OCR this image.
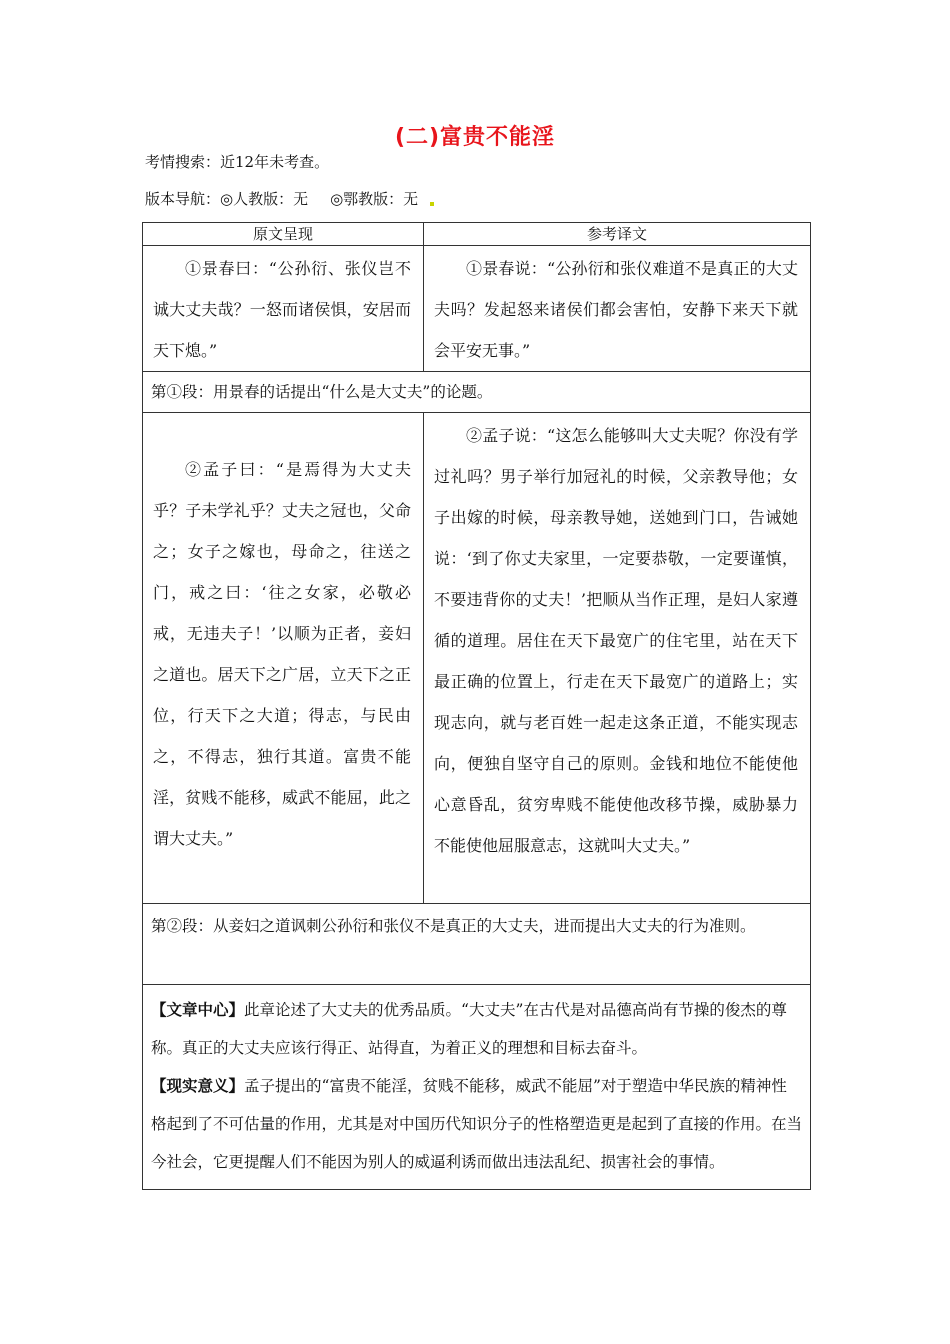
(二)富贵不能淫
考情搜索：近12年未考查。
版本导航：◎人教版：无 ◎鄂教版：无
原文呈现	参考译文

①景春曰：“公孙衍、张仪岂不诚大丈夫哉？一怒而诸侯惧，安居而天下熄。”	①景春说：“公孙衍和张仪难道不是真正的大丈夫吗？发起怒来诸侯们都会害怕，安静下来天下就会平安无事。”

第①段：用景春的话提出“什么是大丈夫”的论题。	

②孟子曰：“是焉得为大丈夫乎？子未学礼乎？丈夫之冠也，父命之；女子之嫁也，母命之，往送之门，戒之曰：‘往之女家，必敬必戒，无违夫子！’以顺为正者，妾妇之道也。居天下之广居，立天下之正位，行天下之大道；得志，与民由之，不得志，独行其道。富贵不能淫，贫贱不能移，威武不能屈，此之谓大丈夫。”	②孟子说：“这怎么能够叫大丈夫呢？你没有学过礼吗？男子举行加冠礼的时候，父亲教导他；女子出嫁的时候，母亲教导她，送她到门口，告诫她说：‘到了你丈夫家里，一定要恭敬，一定要谨慎，不要违背你的丈夫！’把顺从当作正理，是妇人家遵循的道理。居住在天下最宽广的住宅里，站在天下最正确的位置上，行走在天下最宽广的道路上；实现志向，就与老百姓一起走这条正道，不能实现志向，便独自坚守自己的原则。金钱和地位不能使他心意昏乱，贫穷卑贱不能使他改移节操，威胁暴力不能使他屈服意志，这就叫大丈夫。”

第②段：从妾妇之道讽刺公孙衍和张仪不是真正的大丈夫，进而提出大丈夫的行为准则。	

【文章中心】此章论述了大丈夫的优秀品质。“大丈夫”在古代是对品德高尚有节操的俊杰的尊称。真正的大丈夫应该行得正、站得直，为着正义的理想和目标去奋斗。

【现实意义】孟子提出的“富贵不能淫，贫贱不能移，威武不能屈”对于塑造中华民族的精神性格起到了不可估量的作用，尤其是对中国历代知识分子的性格塑造更是起到了直接的作用。在当今社会，它更提醒人们不能因为别人的威逼利诱而做出违法乱纪、损害社会的事情。	
